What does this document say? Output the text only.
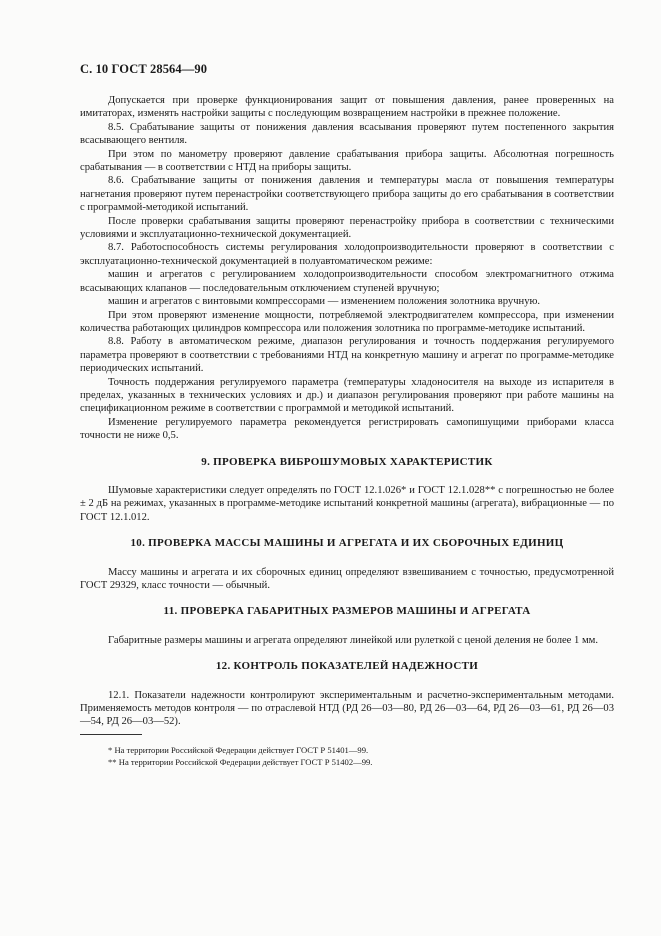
С. 10 ГОСТ 28564—90

Допускается при проверке функционирования защит от повышения давления, ранее проверенных на имитаторах, изменять настройки защиты с последующим возвращением настройки в прежнее положение.

8.5. Срабатывание защиты от понижения давления всасывания проверяют путем постепенного закрытия всасывающего вентиля.

При этом по манометру проверяют давление срабатывания прибора защиты. Абсолютная погрешность срабатывания — в соответствии с НТД на приборы защиты.

8.6. Срабатывание защиты от понижения давления и температуры масла от повышения температуры нагнетания проверяют путем перенастройки соответствующего прибора защиты до его срабатывания в соответствии с программой-методикой испытаний.

После проверки срабатывания защиты проверяют перенастройку прибора в соответствии с техническими условиями и эксплуатационно-технической документацией.

8.7. Работоспособность системы регулирования холодопроизводительности проверяют в соответствии с эксплуатационно-технической документацией в полуавтоматическом режиме:

машин и агрегатов с регулированием холодопроизводительности способом электромагнитного отжима всасывающих клапанов — последовательным отключением ступеней вручную;

машин и агрегатов с винтовыми компрессорами — изменением положения золотника вручную.

При этом проверяют изменение мощности, потребляемой электродвигателем компрессора, при изменении количества работающих цилиндров компрессора или положения золотника по программе-методике испытаний.

8.8. Работу в автоматическом режиме, диапазон регулирования и точность поддержания регулируемого параметра проверяют в соответствии с требованиями НТД на конкретную машину и агрегат по программе-методике периодических испытаний.

Точность поддержания регулируемого параметра (температуры хладоносителя на выходе из испарителя в пределах, указанных в технических условиях и др.) и диапазон регулирования проверяют при работе машины на спецификационном режиме в соответствии с программой и методикой испытаний.

Изменение регулируемого параметра рекомендуется регистрировать самопишущими приборами класса точности не ниже 0,5.

9. ПРОВЕРКА ВИБРОШУМОВЫХ ХАРАКТЕРИСТИК

Шумовые характеристики следует определять по ГОСТ 12.1.026* и ГОСТ 12.1.028** с погрешностью не более ± 2 дБ на режимах, указанных в программе-методике испытаний конкретной машины (агрегата), вибрационные — по ГОСТ 12.1.012.

10. ПРОВЕРКА МАССЫ МАШИНЫ И АГРЕГАТА И ИХ СБОРОЧНЫХ ЕДИНИЦ

Массу машины и агрегата и их сборочных единиц определяют взвешиванием с точностью, предусмотренной ГОСТ 29329, класс точности — обычный.

11. ПРОВЕРКА ГАБАРИТНЫХ РАЗМЕРОВ МАШИНЫ И АГРЕГАТА

Габаритные размеры машины и агрегата определяют линейкой или рулеткой с ценой деления не более 1 мм.

12. КОНТРОЛЬ ПОКАЗАТЕЛЕЙ НАДЕЖНОСТИ

12.1. Показатели надежности контролируют экспериментальным и расчетно-экспериментальным методами. Применяемость методов контроля — по отраслевой НТД (РД 26—03—80, РД 26—03—64, РД 26—03—61, РД 26—03—54, РД 26—03—52).

* На территории Российской Федерации действует ГОСТ Р 51401—99.

** На территории Российской Федерации действует ГОСТ Р 51402—99.
